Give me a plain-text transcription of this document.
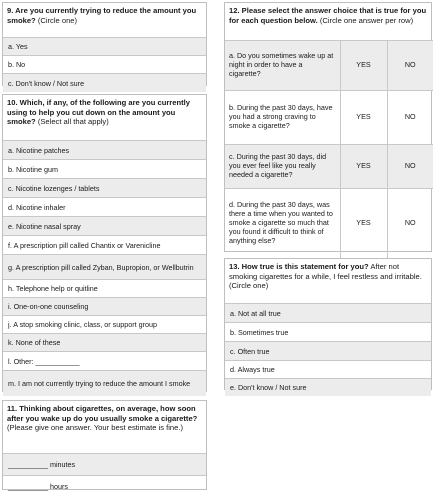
9. Are you currently trying to reduce the amount you smoke? (Circle one)
a. Yes
b. No
c. Don't know / Not sure
10. Which, if any, of the following are you currently using to help you cut down on the amount you smoke? (Select all that apply)
a. Nicotine patches
b. Nicotine gum
c. Nicotine lozenges / tablets
d. Nicotine inhaler
e. Nicotine nasal spray
f. A prescription pill called Chantix or Varenicline
g. A prescription pill called Zyban, Bupropion, or Wellbutrin
h. Telephone help or quitline
i. One-on-one counseling
j. A stop smoking clinic, class, or support group
k. None of these
l. Other: ___________
m. I am not currently trying to reduce the amount I smoke
11. Thinking about cigarettes, on average, how soon after you wake up do you usually smoke a cigarette? (Please give one answer. Your best estimate is fine.)
__________ minutes
__________ hours
12. Please select the answer choice that is true for you for each question below. (Circle one answer per row)
a. Do you sometimes wake up at night in order to have a cigarette?	YES	NO
b. During the past 30 days, have you had a strong craving to smoke a cigarette?	YES	NO
c. During the past 30 days, did you ever feel like you really needed a cigarette?	YES	NO
d. During the past 30 days, was there a time when you wanted to smoke a cigarette so much that you found it difficult to think of anything else?	YES	NO
13. How true is this statement for you? After not smoking cigarettes for a while, I feel restless and irritable. (Circle one)
a. Not at all true
b. Sometimes true
c. Often true
d. Always true
e. Don't know / Not sure
